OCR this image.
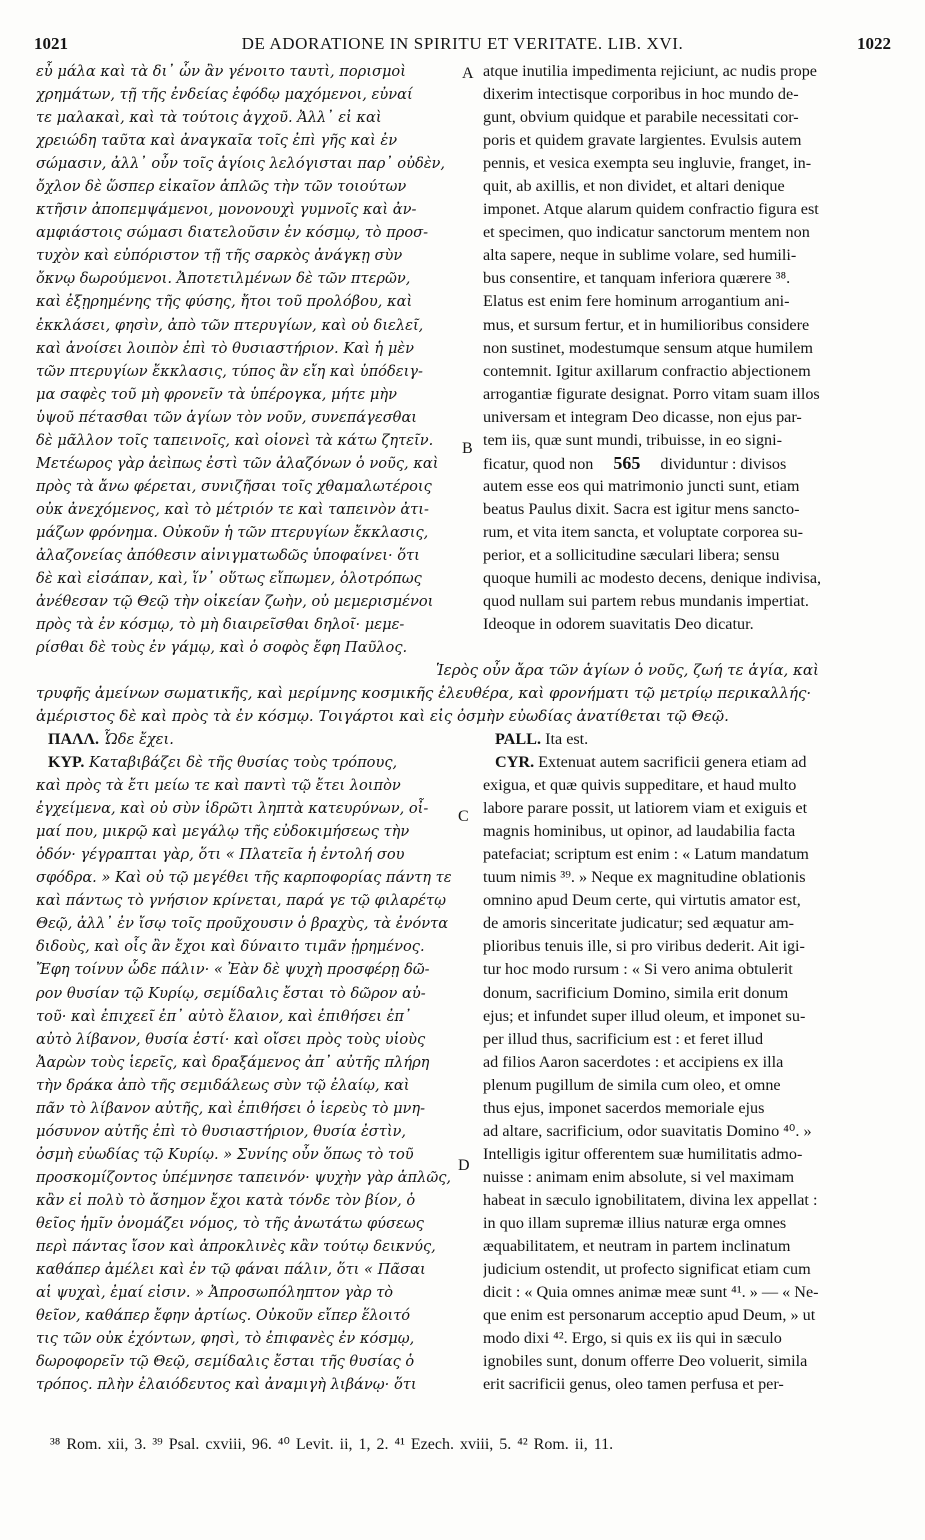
1021	DE ADORATIONE IN SPIRITU ET VERITATE. LIB. XVI.	1022
εὖ μάλα καὶ τὰ δι᾽ ὧν ἂν γένοιτο ταυτὶ, πορισμοὶ
χρημάτων, τῇ τῆς ἐνδείας ἐφόδῳ μαχόμενοι, εὐναί
τε μαλακαὶ, καὶ τὰ τούτοις ἀγχοῦ. Ἀλλ᾽ εἰ καὶ
χρειώδη ταῦτα καὶ ἀναγκαῖα τοῖς ἐπὶ γῆς καὶ ἐν
σώμασιν, ἀλλ᾽ οὖν τοῖς ἁγίοις λελόγισται παρ᾽ οὐδὲν,
ὄχλον δὲ ὥσπερ εἰκαῖον ἁπλῶς τὴν τῶν τοιούτων
κτῆσιν ἀποπεμψάμενοι, μονονουχὶ γυμνοῖς καὶ ἀν-
αμφιάστοις σώμασι διατελοῦσιν ἐν κόσμῳ, τὸ προσ-
τυχὸν καὶ εὐπόριστον τῇ τῆς σαρκὸς ἀνάγκῃ σὺν
ὄκνῳ δωρούμενοι. Ἀποτετιλμένων δὲ τῶν πτερῶν,
καὶ ἐξῃρημένης τῆς φύσης, ἤτοι τοῦ προλόβου, καὶ
ἐκκλάσει, φησὶν, ἀπὸ τῶν πτερυγίων, καὶ οὐ διελεῖ,
καὶ ἀνοίσει λοιπὸν ἐπὶ τὸ θυσιαστήριον. Καὶ ἡ μὲν
τῶν πτερυγίων ἔκκλασις, τύπος ἂν εἴη καὶ ὑπόδειγ-
μα σαφὲς τοῦ μὴ φρονεῖν τὰ ὑπέρογκα, μήτε μὴν
ὑψοῦ πέτασθαι τῶν ἁγίων τὸν νοῦν, συνεπάγεσθαι
δὲ μᾶλλον τοῖς ταπεινοῖς, καὶ οἱονεὶ τὰ κάτω ζητεῖν.
Μετέωρος γὰρ ἀεὶπως ἐστὶ τῶν ἀλαζόνων ὁ νοῦς, καὶ
πρὸς τὰ ἄνω φέρεται, συνιζῆσαι τοῖς χθαμαλωτέροις
οὐκ ἀνεχόμενος, καὶ τὸ μέτριόν τε καὶ ταπεινὸν ἀτι-
μάζων φρόνημα. Οὐκοῦν ἡ τῶν πτερυγίων ἔκκλασις,
ἀλαζονείας ἀπόθεσιν αἰνιγματωδῶς ὑποφαίνει· ὅτι
δὲ καὶ εἰσάπαν, καὶ, ἵν᾽ οὕτως εἴπωμεν, ὁλοτρόπως
ἀνέθεσαν τῷ Θεῷ τὴν οἰκείαν ζωὴν, οὐ μεμερισμένοι
πρὸς τὰ ἐν κόσμῳ, τὸ μὴ διαιρεῖσθαι δηλοῖ· μεμε-
ρίσθαι δὲ τοὺς ἐν γάμῳ, καὶ ὁ σοφὸς ἔφη Παῦλος.
atque inutilia impedimenta rejiciunt, ac nudis prope
dixerim intectisque corporibus in hoc mundo de-
gunt, obvium quidque et parabile necessitati cor-
poris et quidem gravate largientes. Evulsis autem
pennis, et vesica exempta seu ingluvie, franget, in-
quit, ab axillis, et non dividet, et altari denique
imponet. Atque alarum quidem confractio figura est
et specimen, quo indicatur sanctorum mentem non
alta sapere, neque in sublime volare, sed humili-
bus consentire, et tanquam inferiora quærere ³⁸.
Elatus est enim fere hominum arrogantium ani-
mus, et sursum fertur, et in humilioribus considere
non sustinet, modestumque sensum atque humilem
contemnit. Igitur axillarum confractio abjectionem
arrogantiæ figurate designat. Porro vitam suam illos
universam et integram Deo dicasse, non ejus par-
tem iis, quæ sunt mundi, tribuisse, in eo signi-
ficatur, quod non 565 dividuntur : divisos
autem esse eos qui matrimonio juncti sunt, etiam
beatus Paulus dixit. Sacra est igitur mens sancto-
rum, et vita item sancta, et voluptate corporea su-
perior, et a sollicitudine sæculari libera; sensu
quoque humili ac modesto decens, denique indivisa,
quod nullam sui partem rebus mundanis impertiat.
Ideoque in odorem suavitatis Deo dicatur.
A
B
C
D
Ἱερὸς οὖν ἄρα τῶν ἁγίων ὁ νοῦς, ζωή τε ἁγία, καὶ
τρυφῆς ἀμείνων σωματικῆς, καὶ μερίμνης κοσμικῆς ἐλευθέρα, καὶ φρονήματι τῷ μετρίῳ περικαλλής·
ἀμέριστος δὲ καὶ πρὸς τὰ ἐν κόσμῳ. Τοιγάρτοι καὶ εἰς ὀσμὴν εὐωδίας ἀνατίθεται τῷ Θεῷ.
ΠΑΛΛ. Ὧδε ἔχει.
ΚΥΡ. Καταβιβάζει δὲ τῆς θυσίας τοὺς τρόπους,
καὶ πρὸς τὰ ἔτι μείω τε καὶ παντὶ τῷ ἔτει λοιπὸν
ἐγχείμενα, καὶ οὐ σὺν ἱδρῶτι ληπτὰ κατευρύνων, οἶ-
μαί που, μικρῷ καὶ μεγάλῳ τῆς εὐδοκιμήσεως τὴν
ὁδόν· γέγραπται γὰρ, ὅτι « Πλατεῖα ἡ ἐντολή σου
σφόδρα. » Καὶ οὐ τῷ μεγέθει τῆς καρποφορίας πάντη τε
καὶ πάντως τὸ γνήσιον κρίνεται, παρά γε τῷ φιλαρέτῳ
Θεῷ, ἀλλ᾽ ἐν ἴσῳ τοῖς προῦχουσιν ὁ βραχὺς, τὰ ἐνόντα
διδοὺς, καὶ οἷς ἂν ἔχοι καὶ δύναιτο τιμᾶν ᾑρημένος.
Ἔφη τοίνυν ὧδε πάλιν· « Ἐὰν δὲ ψυχὴ προσφέρῃ δῶ-
ρον θυσίαν τῷ Κυρίῳ, σεμίδαλις ἔσται τὸ δῶρον αὐ-
τοῦ· καὶ ἐπιχεεῖ ἐπ᾽ αὐτὸ ἔλαιον, καὶ ἐπιθήσει ἐπ᾽
αὐτὸ λίβανον, θυσία ἐστί· καὶ οἴσει πρὸς τοὺς υἱοὺς
Ἀαρὼν τοὺς ἱερεῖς, καὶ δραξάμενος ἀπ᾽ αὐτῆς πλήρη
τὴν δράκα ἀπὸ τῆς σεμιδάλεως σὺν τῷ ἐλαίῳ, καὶ
πᾶν τὸ λίβανον αὐτῆς, καὶ ἐπιθήσει ὁ ἱερεὺς τὸ μνη-
μόσυνον αὐτῆς ἐπὶ τὸ θυσιαστήριον, θυσία ἐστὶν,
ὀσμὴ εὐωδίας τῷ Κυρίῳ. » Συνίης οὖν ὅπως τὸ τοῦ
προσκομίζοντος ὑπέμνησε ταπεινόν· ψυχὴν γὰρ ἁπλῶς,
κἂν εἰ πολὺ τὸ ἄσημον ἔχοι κατὰ τόνδε τὸν βίον, ὁ
θεῖος ἡμῖν ὀνομάζει νόμος, τὸ τῆς ἀνωτάτω φύσεως
περὶ πάντας ἴσον καὶ ἀπροκλινὲς κἂν τούτῳ δεικνύς,
καθάπερ ἀμέλει καὶ ἐν τῷ φάναι πάλιν, ὅτι « Πᾶσαι
αἱ ψυχαὶ, ἐμαί εἰσιν. » Ἀπροσωπόληπτον γὰρ τὸ
θεῖον, καθάπερ ἔφην ἀρτίως. Οὐκοῦν εἴπερ ἕλοιτό
τις τῶν οὐκ ἐχόντων, φησὶ, τὸ ἐπιφανὲς ἐν κόσμῳ,
δωροφορεῖν τῷ Θεῷ, σεμίδαλις ἔσται τῆς θυσίας ὁ
τρόπος. πλὴν ἐλαιόδευτος καὶ ἀναμιγὴ λιβάνῳ· ὅτι
PALL. Ita est.
CYR. Extenuat autem sacrificii genera etiam ad
exigua, et quæ quivis suppeditare, et haud multo
labore parare possit, ut latiorem viam et exiguis et
magnis hominibus, ut opinor, ad laudabilia facta
patefaciat; scriptum est enim : « Latum mandatum
tuum nimis ³⁹. » Neque ex magnitudine oblationis
omnino apud Deum certe, qui virtutis amator est,
de amoris sinceritate judicatur; sed æquatur am-
plioribus tenuis ille, si pro viribus dederit. Ait igi-
tur hoc modo rursum : « Si vero anima obtulerit
donum, sacrificium Domino, simila erit donum
ejus; et infundet super illud oleum, et imponet su-
per illud thus, sacrificium est : et feret illud
ad filios Aaron sacerdotes : et accipiens ex illa
plenum pugillum de simila cum oleo, et omne
thus ejus, imponet sacerdos memoriale ejus
ad altare, sacrificium, odor suavitatis Domino ⁴⁰. »
Intelligis igitur offerentem suæ humilitatis admo-
nuisse : animam enim absolute, si vel maximam
habeat in sæculo ignobilitatem, divina lex appellat :
in quo illam supremæ illius naturæ erga omnes
æquabilitatem, et neutram in partem inclinatum
judicium ostendit, ut profecto significat etiam cum
dicit : « Quia omnes animæ meæ sunt ⁴¹. » — « Ne-
que enim est personarum acceptio apud Deum, » ut
modo dixi ⁴². Ergo, si quis ex iis qui in sæculo
ignobiles sunt, donum offerre Deo voluerit, simila
erit sacrificii genus, oleo tamen perfusa et per-
³⁸ Rom. xii, 3. ³⁹ Psal. cxviii, 96. ⁴⁰ Levit. ii, 1, 2. ⁴¹ Ezech. xviii, 5. ⁴² Rom. ii, 11.
